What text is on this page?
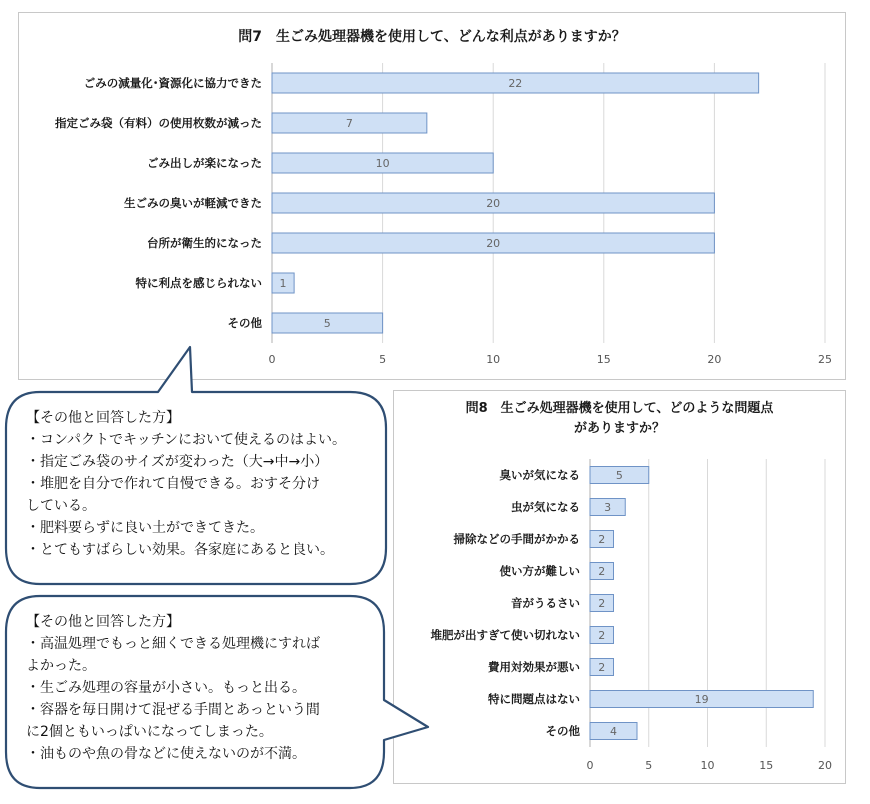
問7　生ごみ処理器機を使用して、どんな利点がありますか？
0	5	10	15	20	25
22
ごみの減量化･資源化に協力できた
7
指定ごみ袋（有料）の使用枚数が減った
10
ごみ出しが楽になった
20
生ごみの臭いが軽減できた
20
台所が衛生的になった
1
特に利点を感じられない
5
その他
問8　生ごみ処理器機を使用して、どのような問題点
がありますか？
0	5	10	15	20
5
臭いが気になる
3
虫が気になる
2
掃除などの手間がかかる
2
使い方が難しい
2
音がうるさい
2
堆肥が出すぎて使い切れない
2
費用対効果が悪い
19
特に問題点はない
4
その他
【その他と回答した方】
・コンパクトでキッチンにおいて使えるのはよい。
・指定ごみ袋のサイズが変わった（大→中→小）
・堆肥を自分で作れて自慢できる。おすそ分け
している。
・肥料要らずに良い土ができてきた。
・とてもすばらしい効果。各家庭にあると良い。
【その他と回答した方】
・高温処理でもっと細くできる処理機にすれば
よかった。
・生ごみ処理の容量が小さい。もっと出る。
・容器を毎日開けて混ぜる手間とあっという間
に2個ともいっぱいになってしまった。
・油ものや魚の骨などに使えないのが不満。
